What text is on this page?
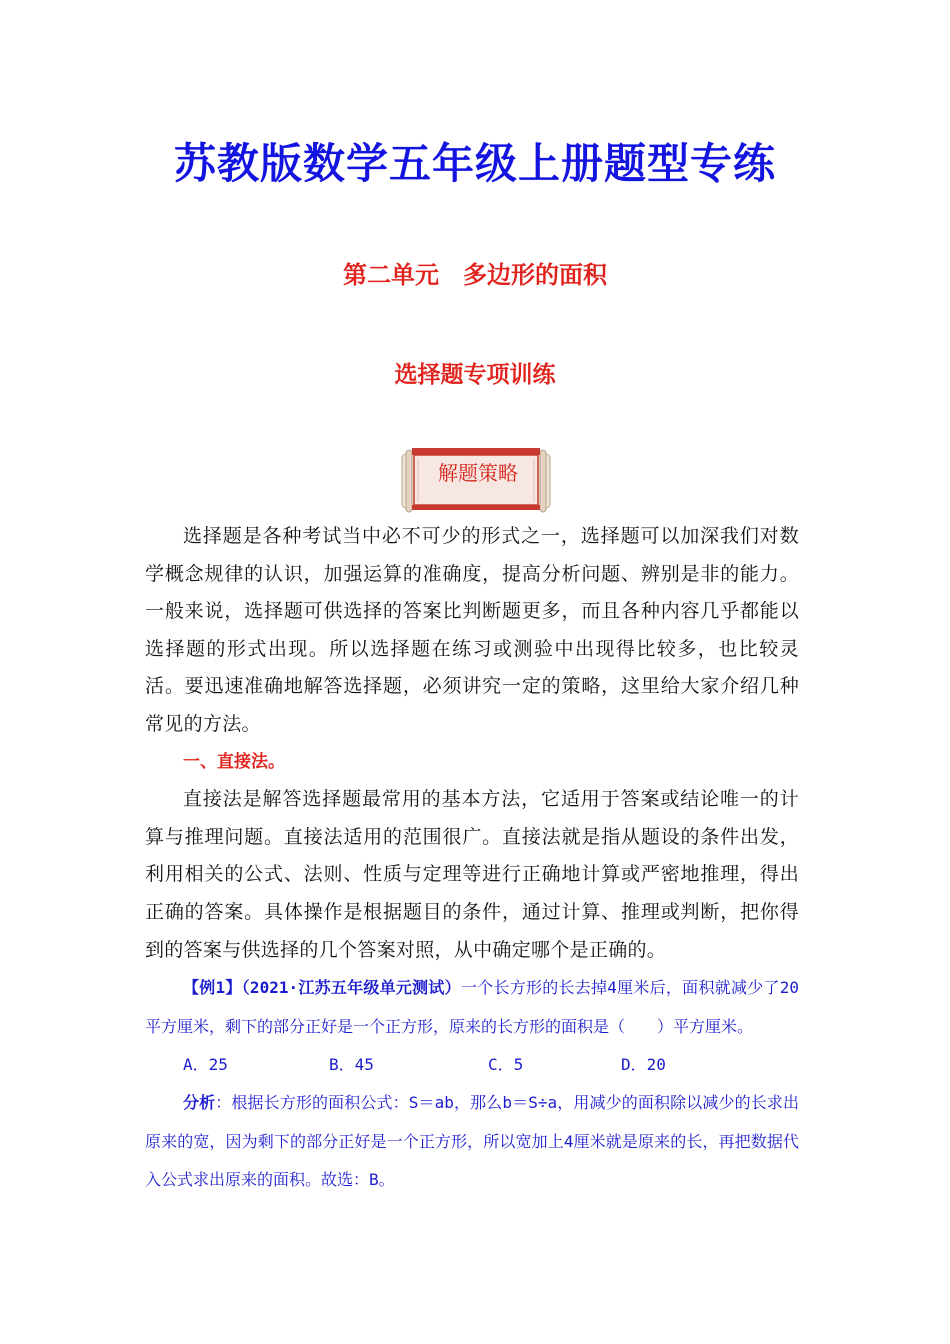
苏教版数学五年级上册题型专练
第二单元　多边形的面积
选择题专项训练
解题策略

选择题是各种考试当中必不可少的形式之一，选择题可以加深我们对数学概念规律的认识，加强运算的准确度，提高分析问题、辨别是非的能力。一般来说，选择题可供选择的答案比判断题更多，而且各种内容几乎都能以选择题的形式出现。所以选择题在练习或测验中出现得比较多，也比较灵活。要迅速准确地解答选择题，必须讲究一定的策略，这里给大家介绍几种常见的方法。

一、直接法。

直接法是解答选择题最常用的基本方法，它适用于答案或结论唯一的计算与推理问题。直接法适用的范围很广。直接法就是指从题设的条件出发，利用相关的公式、法则、性质与定理等进行正确地计算或严密地推理，得出正确的答案。具体操作是根据题目的条件，通过计算、推理或判断，把你得到的答案与供选择的几个答案对照，从中确定哪个是正确的。

【例1】（2021·江苏五年级单元测试）一个长方形的长去掉4厘米后，面积就减少了20平方厘米，剩下的部分正好是一个正方形，原来的长方形的面积是（　　）平方厘米。

A．25	B．45	C．5	D．20

分析：根据长方形的面积公式：S＝ab，那么b＝S÷a，用减少的面积除以减少的长求出原来的宽，因为剩下的部分正好是一个正方形，所以宽加上4厘米就是原来的长，再把数据代入公式求出原来的面积。故选：B。
